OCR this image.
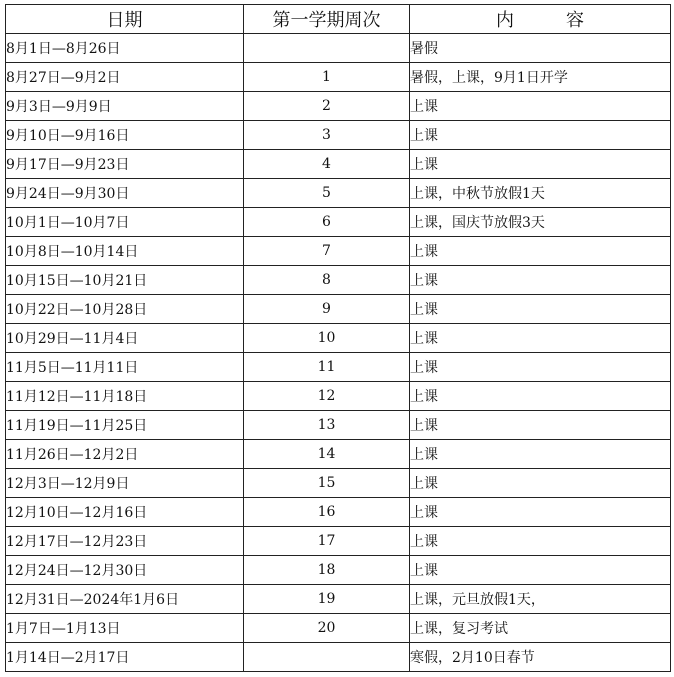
日期	第一学期周次	内容
8月1日—8月26日		暑假
8月27日—9月2日	1	暑假，上课，9月1日开学
9月3日—9月9日	2	上课
9月10日—9月16日	3	上课
9月17日—9月23日	4	上课
9月24日—9月30日	5	上课，中秋节放假1天
10月1日—10月7日	6	上课，国庆节放假3天
10月8日—10月14日	7	上课
10月15日—10月21日	8	上课
10月22日—10月28日	9	上课
10月29日—11月4日	10	上课
11月5日—11月11日	11	上课
11月12日—11月18日	12	上课
11月19日—11月25日	13	上课
11月26日—12月2日	14	上课
12月3日—12月9日	15	上课
12月10日—12月16日	16	上课
12月17日—12月23日	17	上课
12月24日—12月30日	18	上课
12月31日—2024年1月6日	19	上课，元旦放假1天，
1月7日—1月13日	20	上课，复习考试
1月14日—2月17日		寒假，2月10日春节
